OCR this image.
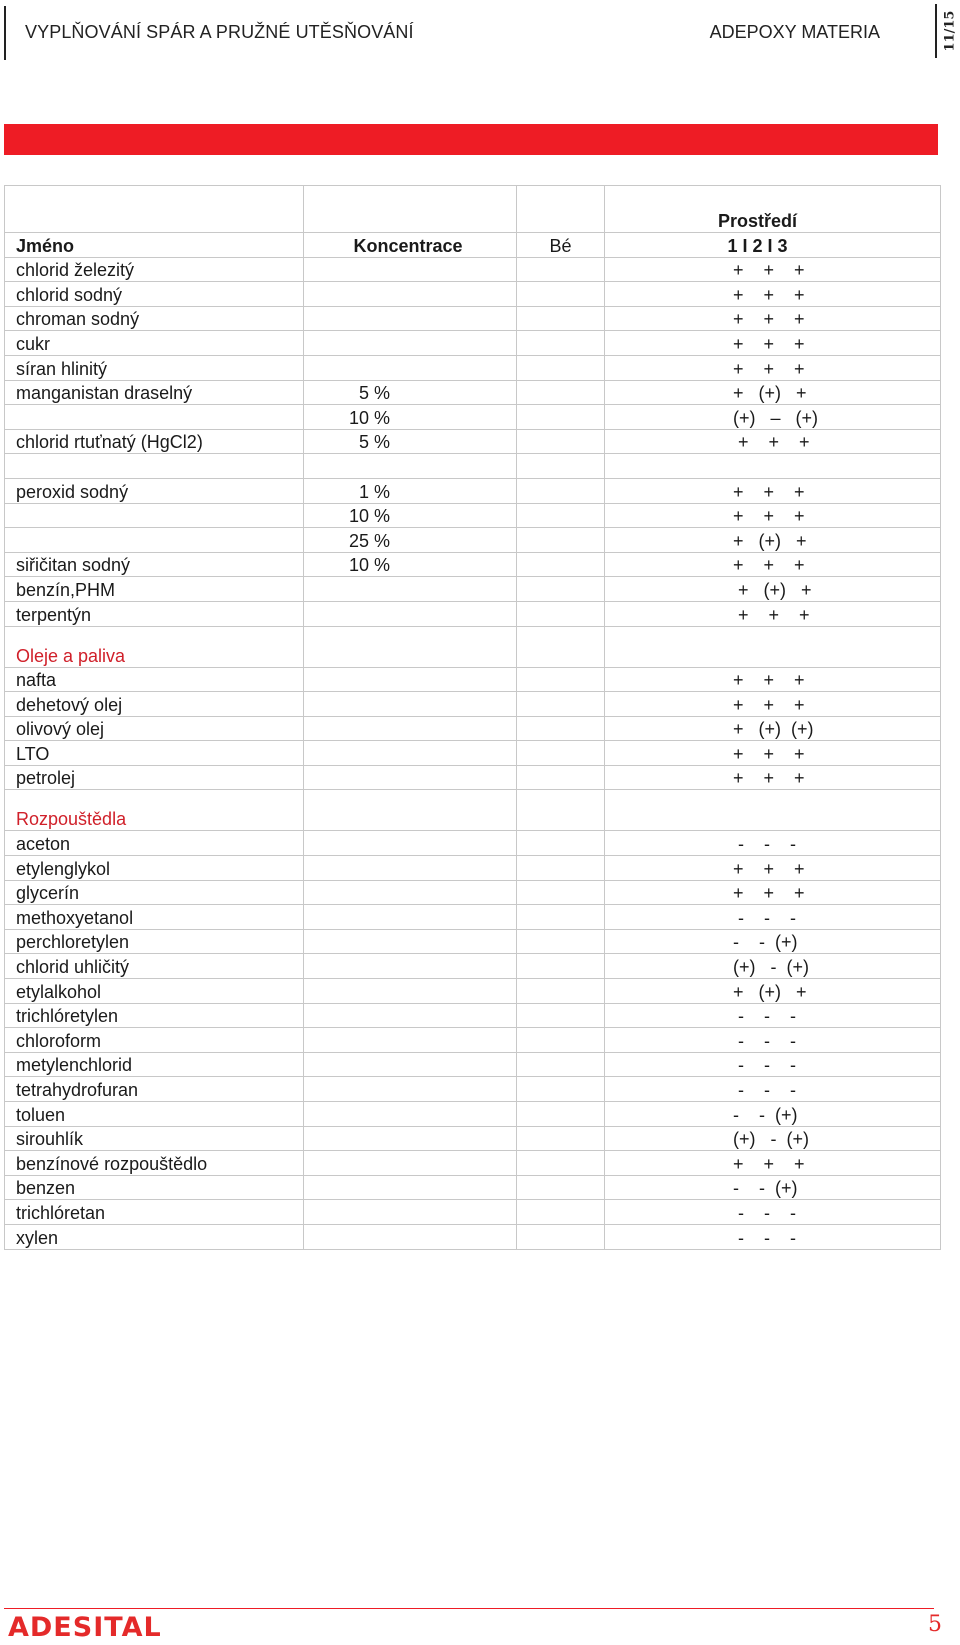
VYPLŇOVÁNÍ SPÁR A PRUŽNÉ UTĚSŇOVÁNÍ	ADEPOXY MATERIA	11/15
			Prostředí
Jméno	Koncentrace	Bé	1 I 2 I 3
chlorid železitý			+    +    +
chlorid sodný			+    +    +
chroman sodný			+    +    +
cukr			+    +    +
síran hlinitý			+    +    +
manganistan draselný	5 %		+   (+)   +
	10 %		(+)   –   (+)
chlorid rtuťnatý (HgCl2)	5 %		+    +    +

peroxid sodný	1 %		+    +    +
	10 %		+    +    +
	25 %		+   (+)   +
siřičitan sodný	10 %		+    +    +
benzín,PHM			+   (+)   +
terpentýn			+    +    +
Oleje a paliva			
nafta			+    +    +
dehetový olej			+    +    +
olivový olej			+   (+)  (+)
LTO			+    +    +
petrolej			+    +    +
Rozpouštědla			
aceton			-    -    -
etylenglykol			+    +    +
glycerín			+    +    +
methoxyetanol			-    -    -
perchloretylen			-    -  (+)
chlorid uhličitý			(+)   -  (+)
etylalkohol			+   (+)   +
trichlóretylen			-    -    -
chloroform			-    -    -
metylenchlorid			-    -    -
tetrahydrofuran			-    -    -
toluen			-    -  (+)
sirouhlík			(+)   -  (+)
benzínové rozpouštědlo			+    +    +
benzen			-    -  (+)
trichlóretan			-    -    -
xylen			-    -    -
ADESITAL	5
